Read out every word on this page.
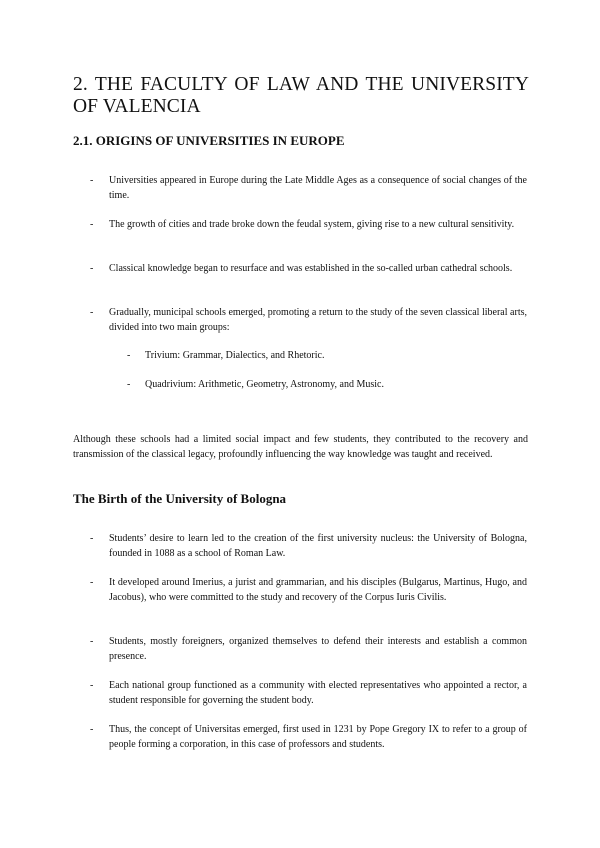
2. THE FACULTY OF LAW AND THE UNIVERSITY OF VALENCIA
2.1. ORIGINS OF UNIVERSITIES IN EUROPE
- Universities appeared in Europe during the Late Middle Ages as a consequence of social changes of the time.
- The growth of cities and trade broke down the feudal system, giving rise to a new cultural sensitivity.
- Classical knowledge began to resurface and was established in the so-called urban cathedral schools.
- Gradually, municipal schools emerged, promoting a return to the study of the seven classical liberal arts, divided into two main groups:
- Trivium: Grammar, Dialectics, and Rhetoric.
- Quadrivium: Arithmetic, Geometry, Astronomy, and Music.
Although these schools had a limited social impact and few students, they contributed to the recovery and transmission of the classical legacy, profoundly influencing the way knowledge was taught and received.
The Birth of the University of Bologna
- Students’ desire to learn led to the creation of the first university nucleus: the University of Bologna, founded in 1088 as a school of Roman Law.
- It developed around Imerius, a jurist and grammarian, and his disciples (Bulgarus, Martinus, Hugo, and Jacobus), who were committed to the study and recovery of the Corpus Iuris Civilis.
- Students, mostly foreigners, organized themselves to defend their interests and establish a common presence.
- Each national group functioned as a community with elected representatives who appointed a rector, a student responsible for governing the student body.
- Thus, the concept of Universitas emerged, first used in 1231 by Pope Gregory IX to refer to a group of people forming a corporation, in this case of professors and students.
